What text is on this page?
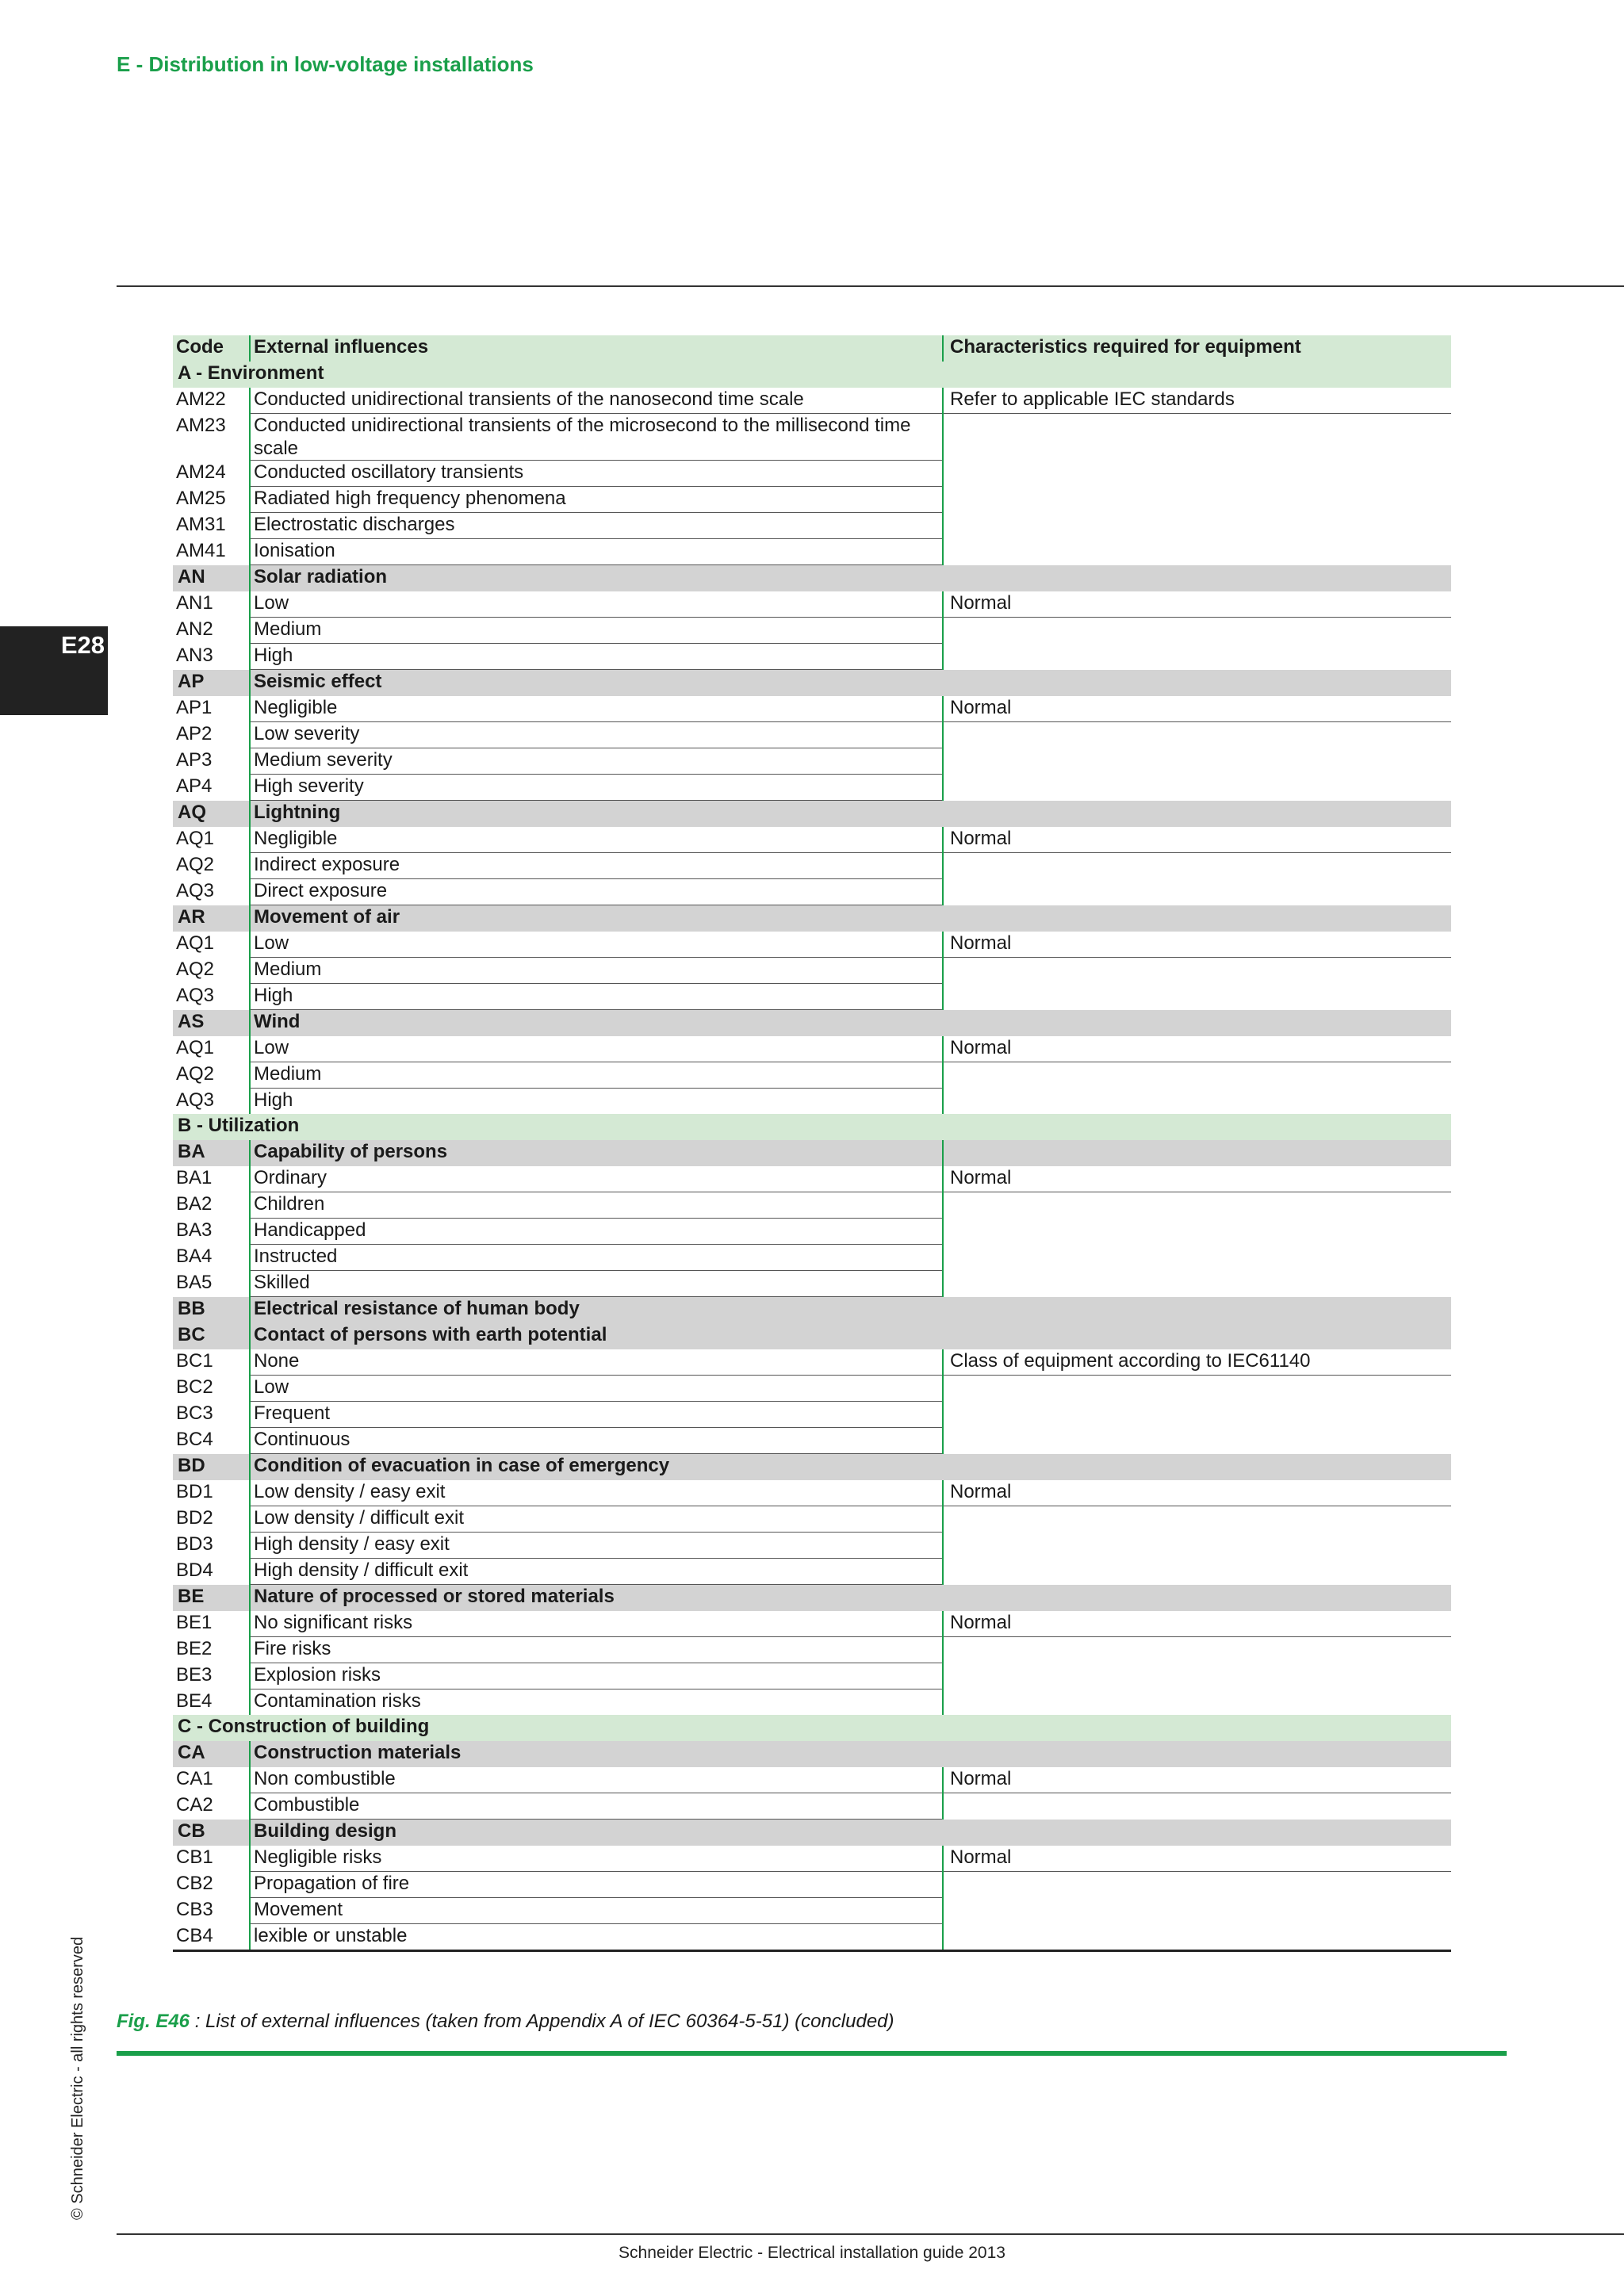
E - Distribution in low-voltage installations
E28
© Schneider Electric - all rights reserved
Code	External influences	Characteristics required for equipment
A - Environment		
AM22	Conducted unidirectional transients of the nanosecond time scale	Refer to applicable IEC standards
AM23	Conducted unidirectional transients of the microsecond to the millisecond time scale	
AM24	Conducted oscillatory transients	
AM25	Radiated high frequency phenomena	
AM31	Electrostatic discharges	
AM41	Ionisation	
AN	Solar radiation	
AN1	Low	Normal
AN2	Medium	
AN3	High	
AP	Seismic effect	
AP1	Negligible	Normal
AP2	Low severity	
AP3	Medium severity	
AP4	High severity	
AQ	Lightning	
AQ1	Negligible	Normal
AQ2	Indirect exposure	
AQ3	Direct exposure	
AR	Movement of air	
AQ1	Low	Normal
AQ2	Medium	
AQ3	High	
AS	Wind	
AQ1	Low	Normal
AQ2	Medium	
AQ3	High	
B - Utilization		
BA	Capability of persons	
BA1	Ordinary	Normal
BA2	Children	
BA3	Handicapped	
BA4	Instructed	
BA5	Skilled	
BB	Electrical resistance of human body	
BC	Contact of persons with earth potential	
BC1	None	Class of equipment according to IEC61140
BC2	Low	
BC3	Frequent	
BC4	Continuous	
BD	Condition of evacuation in case of emergency	
BD1	Low density / easy exit	Normal
BD2	Low density / difficult exit	
BD3	High density / easy exit	
BD4	High density / difficult exit	
BE	Nature of processed or stored materials	
BE1	No significant risks	Normal
BE2	Fire risks	
BE3	Explosion risks	
BE4	Contamination risks	
C - Construction of building		
CA	Construction materials	
CA1	Non combustible	Normal
CA2	Combustible	
CB	Building design	
CB1	Negligible risks	Normal
CB2	Propagation of fire	
CB3	Movement	
CB4	lexible or unstable	
Fig. E46 : List of external influences (taken from Appendix A of IEC 60364-5-51) (concluded)
Schneider Electric - Electrical installation guide 2013
